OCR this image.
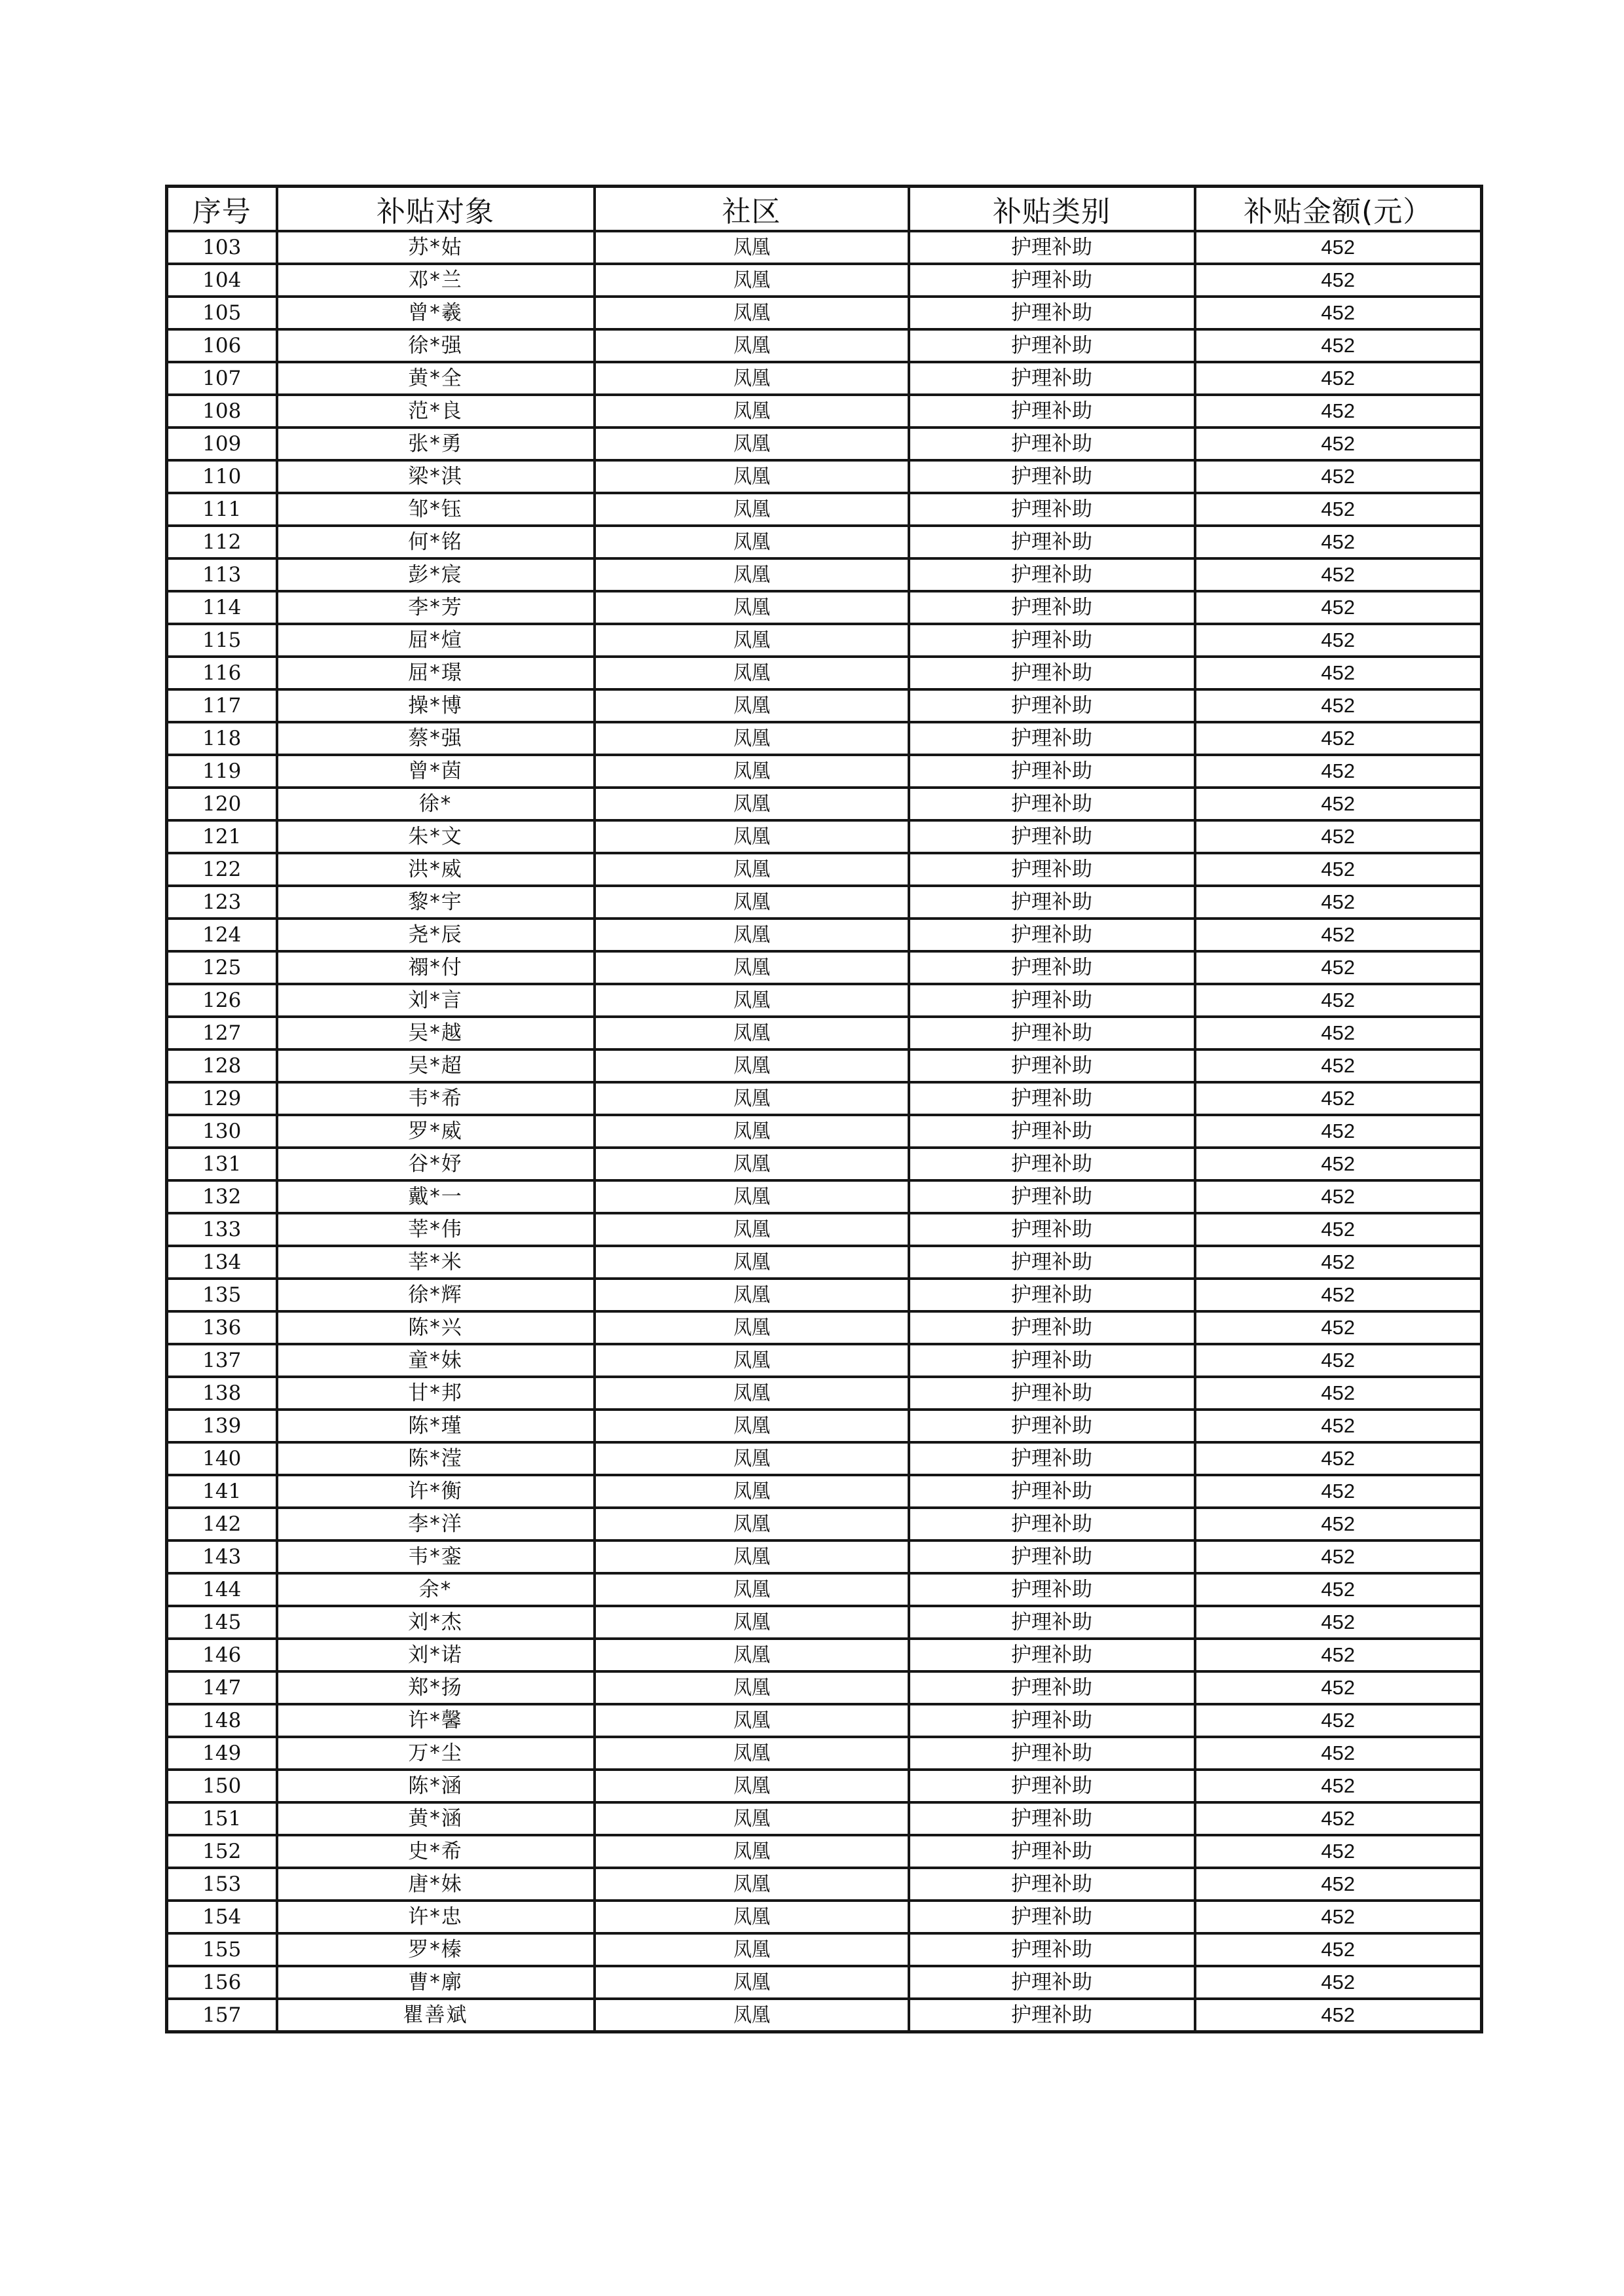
序号	补贴对象	社区	补贴类别	补贴金额(元）
103	苏*姑	凤凰	护理补助	452
104	邓*兰	凤凰	护理补助	452
105	曾*羲	凤凰	护理补助	452
106	徐*强	凤凰	护理补助	452
107	黄*全	凤凰	护理补助	452
108	范*良	凤凰	护理补助	452
109	张*勇	凤凰	护理补助	452
110	梁*淇	凤凰	护理补助	452
111	邹*钰	凤凰	护理补助	452
112	何*铭	凤凰	护理补助	452
113	彭*宸	凤凰	护理补助	452
114	李*芳	凤凰	护理补助	452
115	屈*煊	凤凰	护理补助	452
116	屈*璟	凤凰	护理补助	452
117	操*博	凤凰	护理补助	452
118	蔡*强	凤凰	护理补助	452
119	曾*茵	凤凰	护理补助	452
120	徐*	凤凰	护理补助	452
121	朱*文	凤凰	护理补助	452
122	洪*威	凤凰	护理补助	452
123	黎*宇	凤凰	护理补助	452
124	尧*辰	凤凰	护理补助	452
125	禤*付	凤凰	护理补助	452
126	刘*言	凤凰	护理补助	452
127	吴*越	凤凰	护理补助	452
128	吴*超	凤凰	护理补助	452
129	韦*希	凤凰	护理补助	452
130	罗*威	凤凰	护理补助	452
131	谷*妤	凤凰	护理补助	452
132	戴*一	凤凰	护理补助	452
133	莘*伟	凤凰	护理补助	452
134	莘*米	凤凰	护理补助	452
135	徐*辉	凤凰	护理补助	452
136	陈*兴	凤凰	护理补助	452
137	童*妹	凤凰	护理补助	452
138	甘*邦	凤凰	护理补助	452
139	陈*瑾	凤凰	护理补助	452
140	陈*滢	凤凰	护理补助	452
141	许*衡	凤凰	护理补助	452
142	李*洋	凤凰	护理补助	452
143	韦*銮	凤凰	护理补助	452
144	余*	凤凰	护理补助	452
145	刘*杰	凤凰	护理补助	452
146	刘*诺	凤凰	护理补助	452
147	郑*扬	凤凰	护理补助	452
148	许*馨	凤凰	护理补助	452
149	万*尘	凤凰	护理补助	452
150	陈*涵	凤凰	护理补助	452
151	黄*涵	凤凰	护理补助	452
152	史*希	凤凰	护理补助	452
153	唐*妹	凤凰	护理补助	452
154	许*忠	凤凰	护理补助	452
155	罗*榛	凤凰	护理补助	452
156	曹*廓	凤凰	护理补助	452
157	瞿善斌	凤凰	护理补助	452
